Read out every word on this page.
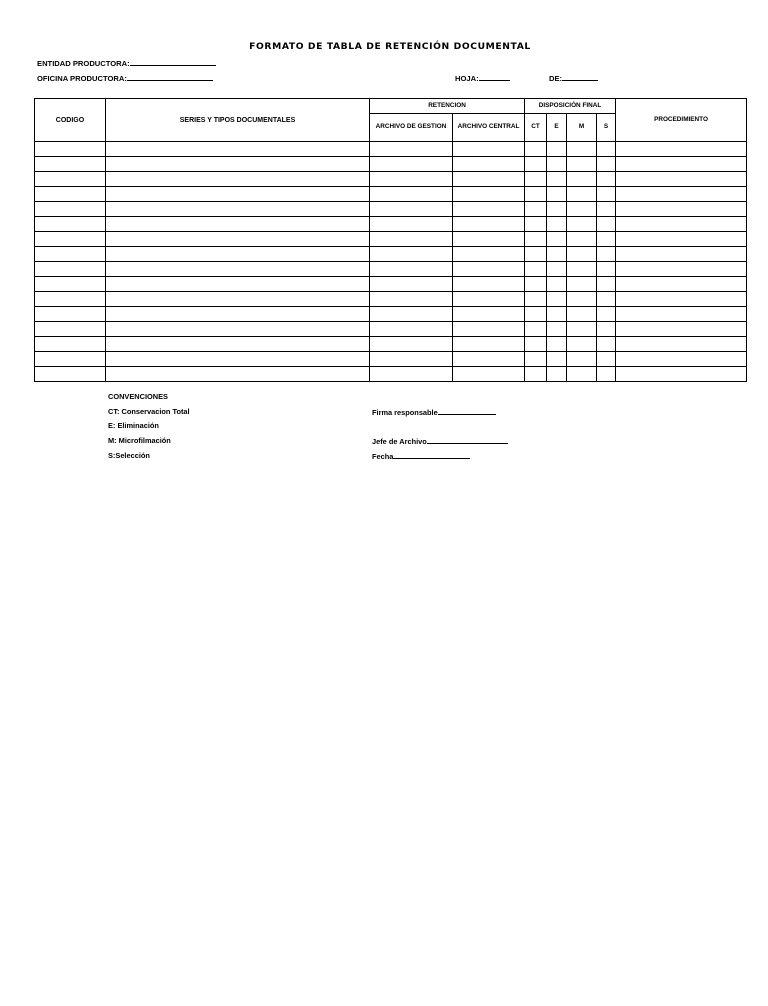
FORMATO DE TABLA DE RETENCIÓN DOCUMENTAL
ENTIDAD PRODUCTORA:
OFICINA PRODUCTORA:	HOJA:	DE:
CODIGO	SERIES Y TIPOS DOCUMENTALES	RETENCION		DISPOSICIÓN FINAL				PROCEDIMIENTO
		ARCHIVO DE GESTION	ARCHIVO CENTRAL	CT	E	M	S	

CONVENCIONES
CT: Conservacion Total
E: Eliminación
M: Microfilmación
S:Selección
Firma responsable
Jefe de Archivo
Fecha
